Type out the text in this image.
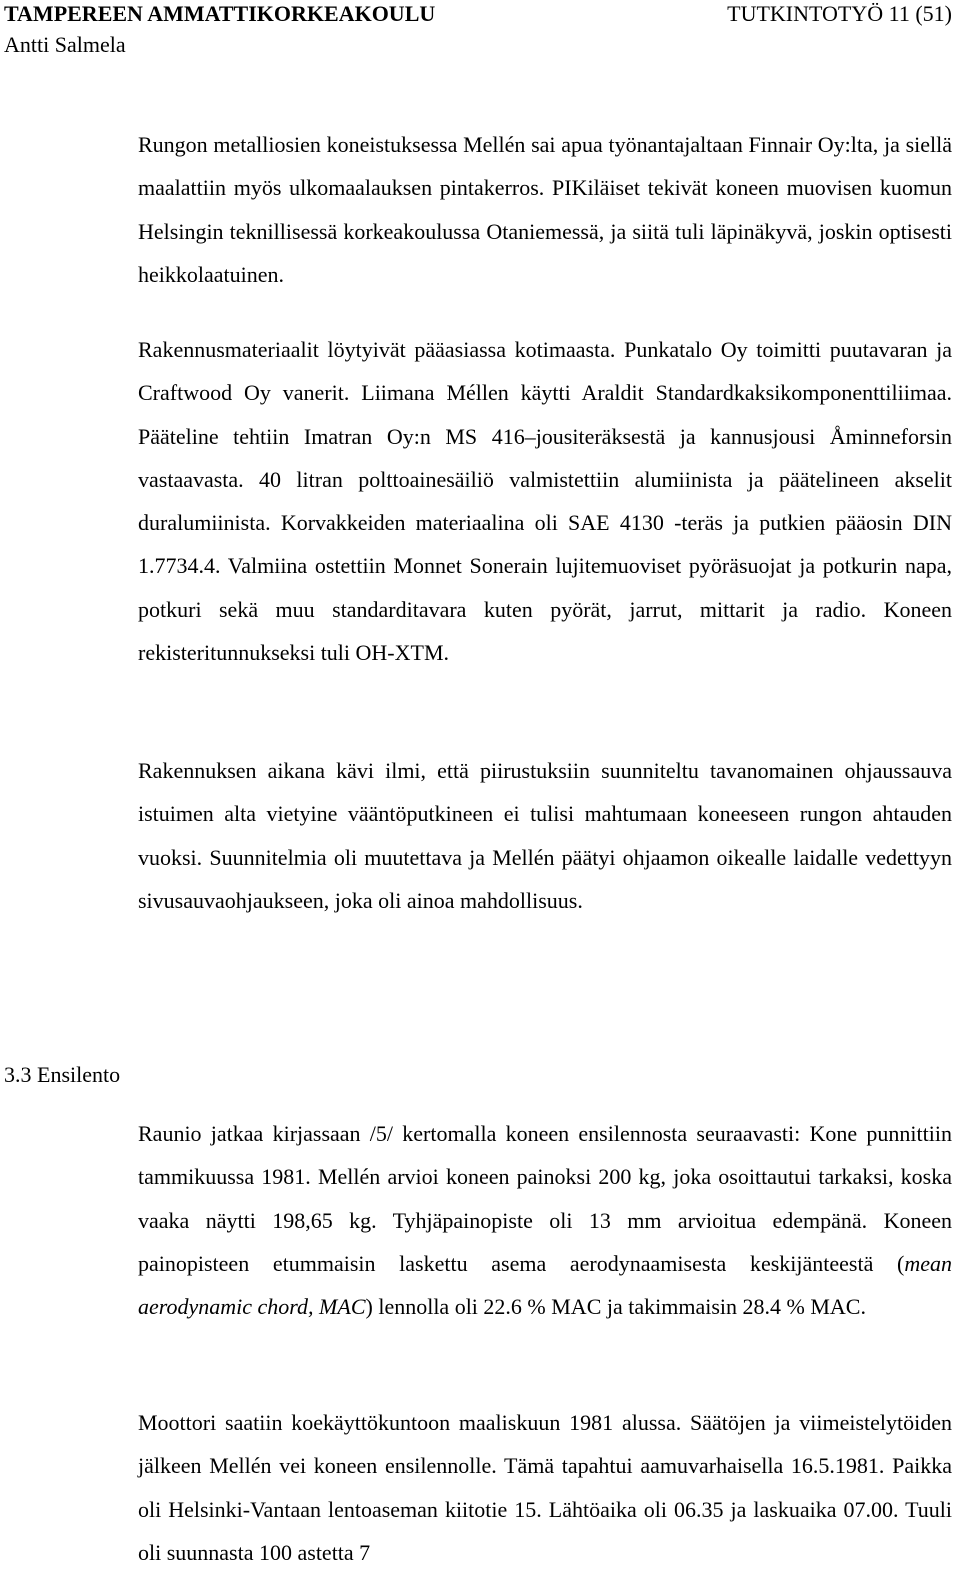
TAMPEREEN AMMATTIKORKEAKOULU	TUTKINTOTYÖ 11 (51)
Antti Salmela

Rungon metalliosien koneistuksessa Mellén sai apua työnantajaltaan Finnair Oy:lta, ja siellä maalattiin myös ulkomaalauksen pintakerros. PIKiläiset tekivät koneen muovisen kuomun Helsingin teknillisessä korkeakoulussa Otaniemessä, ja siitä tuli läpinäkyvä, joskin optisesti heikkolaatuinen.

Rakennusmateriaalit löytyivät pääasiassa kotimaasta. Punkatalo Oy toimitti puutavaran ja Craftwood Oy vanerit. Liimana Méllen käytti Araldit Standardkaksikomponenttiliimaa. Pääteline tehtiin Imatran Oy:n MS 416–jousiteräksestä ja kannusjousi Åminneforsin vastaavasta. 40 litran polttoainesäiliö valmistettiin alumiinista ja päätelineen akselit duralumiinista. Korvakkeiden materiaalina oli SAE 4130 -teräs ja putkien pääosin DIN 1.7734.4. Valmiina ostettiin Monnet Sonerain lujitemuoviset pyöräsuojat ja potkurin napa, potkuri sekä muu standarditavara kuten pyörät, jarrut, mittarit ja radio. Koneen rekisteritunnukseksi tuli OH-XTM.

Rakennuksen aikana kävi ilmi, että piirustuksiin suunniteltu tavanomainen ohjaussauva istuimen alta vietyine vääntöputkineen ei tulisi mahtumaan koneeseen rungon ahtauden vuoksi. Suunnitelmia oli muutettava ja Mellén päätyi ohjaamon oikealle laidalle vedettyyn sivusauvaohjaukseen, joka oli ainoa mahdollisuus.

3.3 Ensilento

Raunio jatkaa kirjassaan /5/ kertomalla koneen ensilennosta seuraavasti: Kone punnittiin tammikuussa 1981. Mellén arvioi koneen painoksi 200 kg, joka osoittautui tarkaksi, koska vaaka näytti 198,65 kg. Tyhjäpainopiste oli 13 mm arvioitua edempänä. Koneen painopisteen etummaisin laskettu asema aerodynaamisesta keskijänteestä (mean aerodynamic chord, MAC) lennolla oli 22.6 % MAC ja takimmaisin 28.4 % MAC.

Moottori saatiin koekäyttökuntoon maaliskuun 1981 alussa. Säätöjen ja viimeistelytöiden jälkeen Mellén vei koneen ensilennolle. Tämä tapahtui aamuvarhaisella 16.5.1981. Paikka oli Helsinki-Vantaan lentoaseman kiitotie 15. Lähtöaika oli 06.35 ja laskuaika 07.00. Tuuli oli suunnasta 100 astetta 7
